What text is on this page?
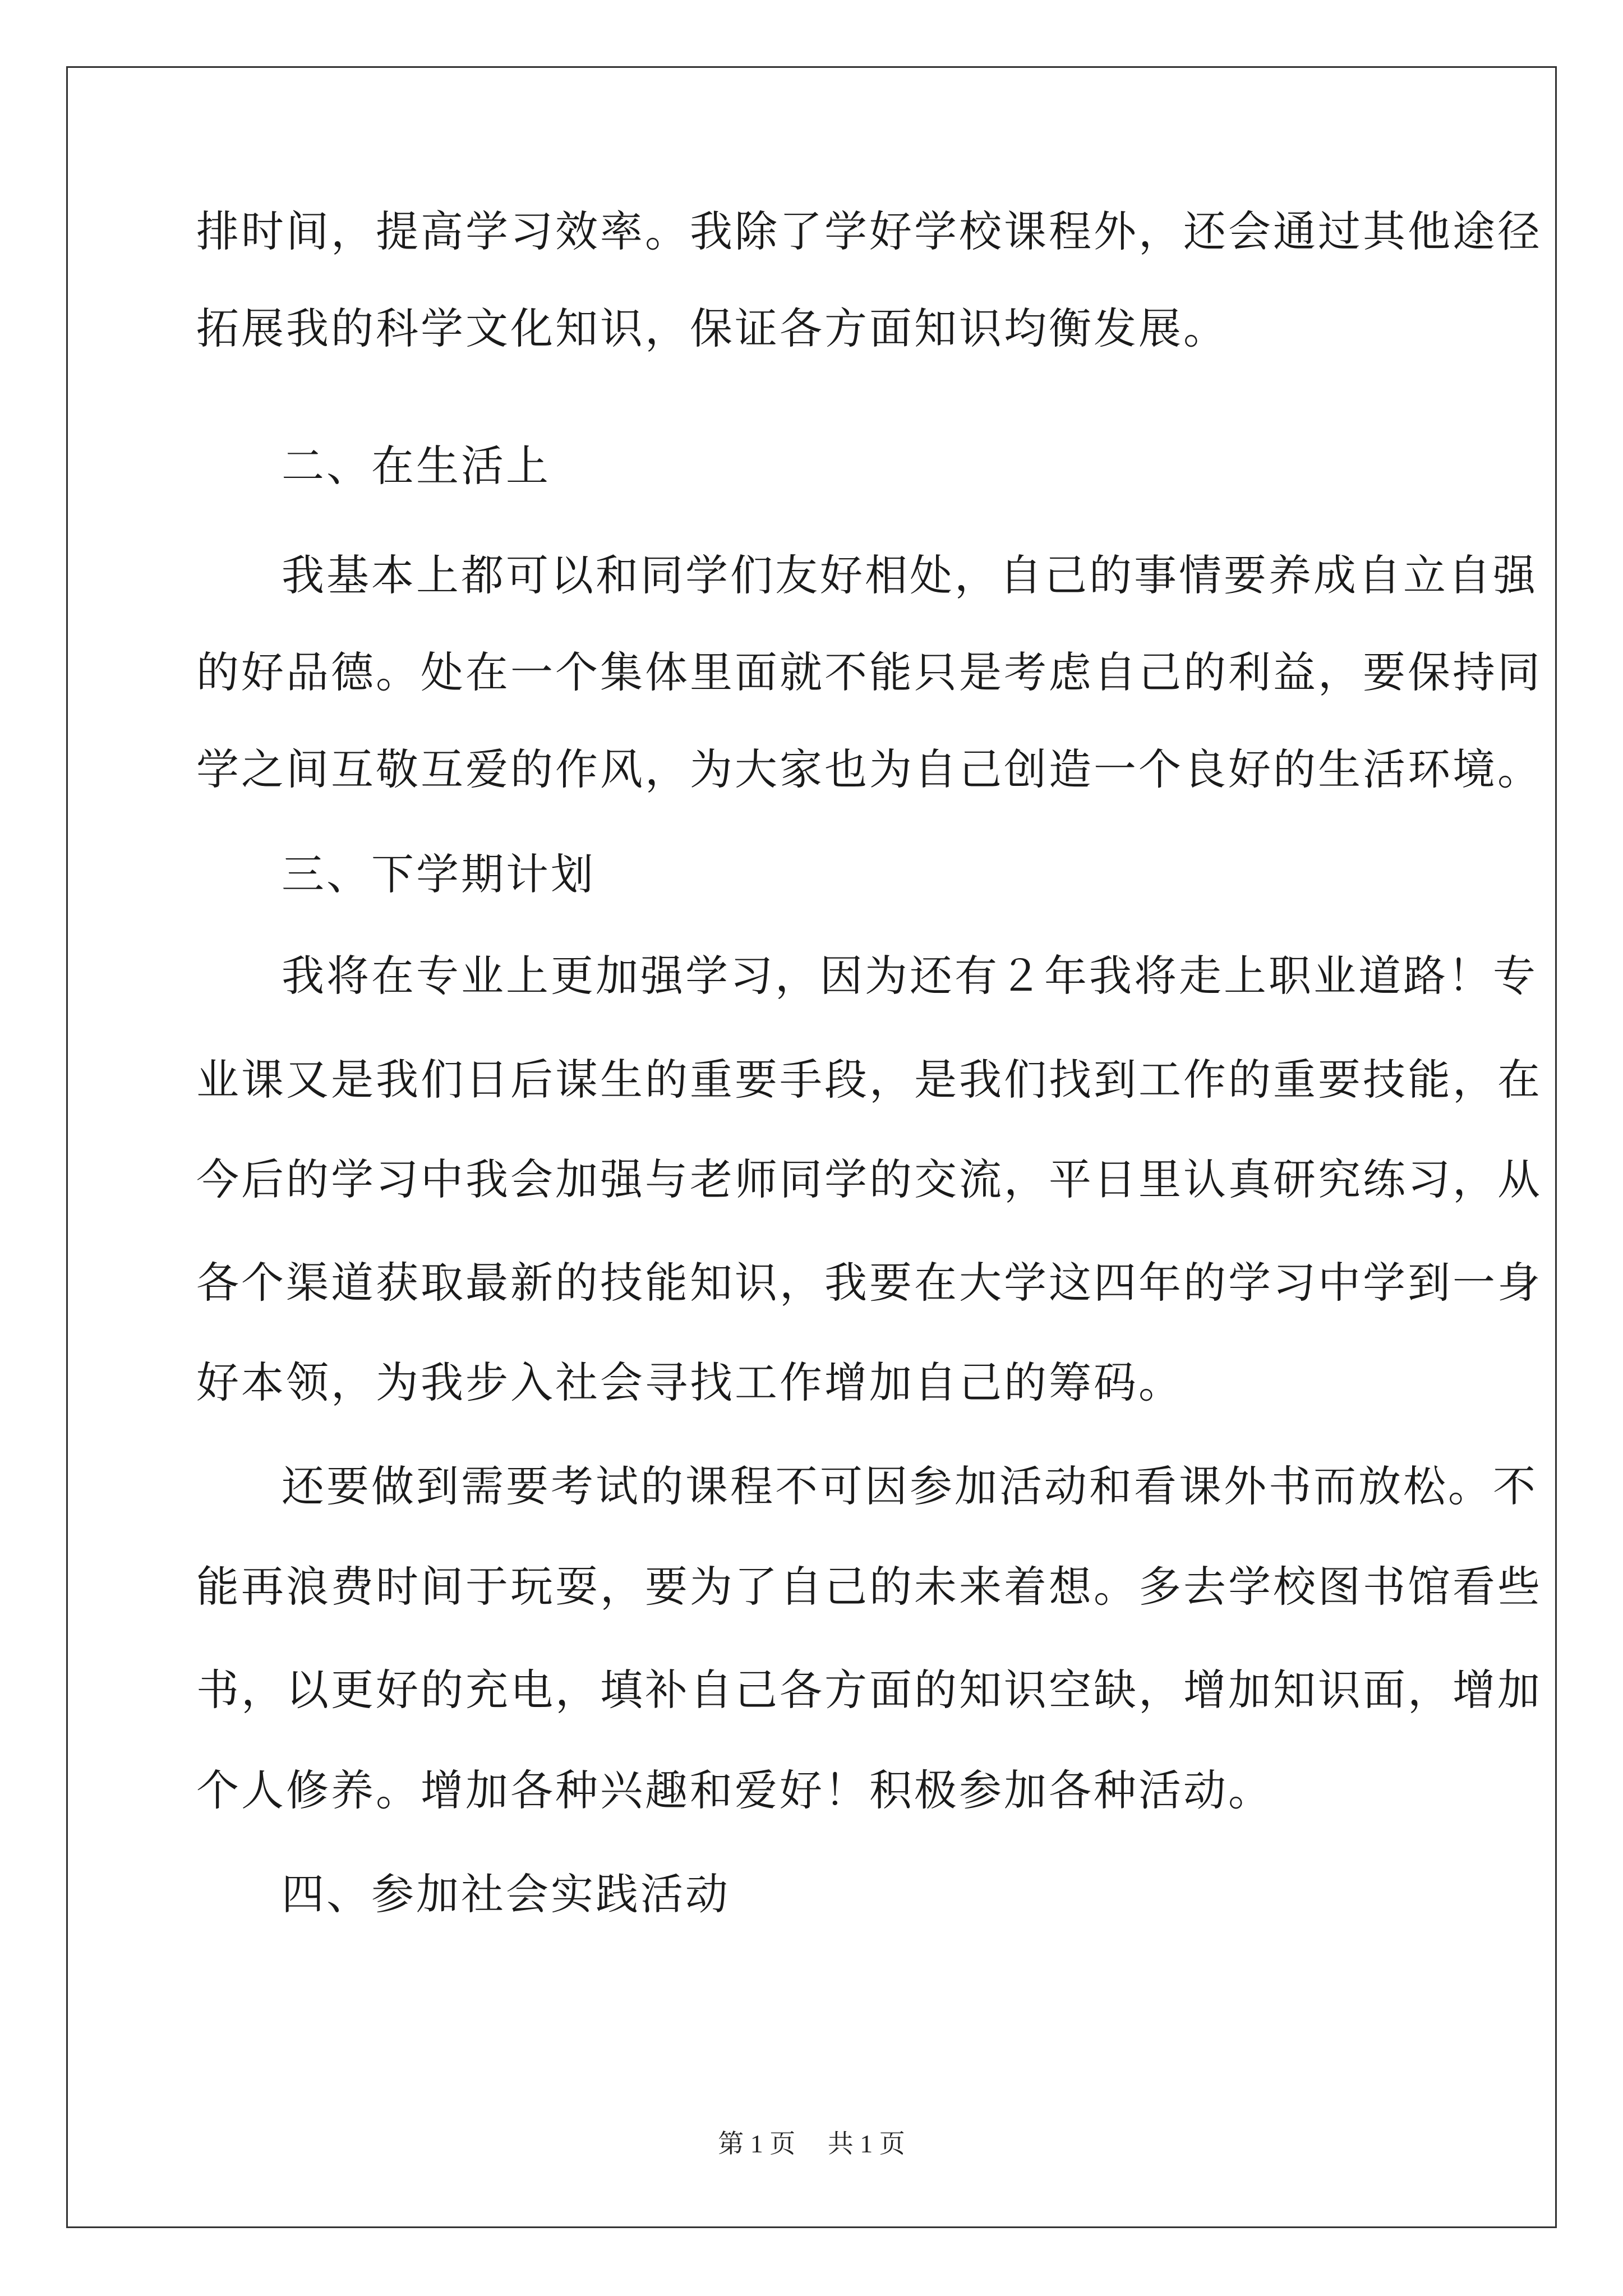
排时间，提高学习效率。我除了学好学校课程外，还会通过其他途径
拓展我的科学文化知识，保证各方面知识均衡发展。
二、在生活上
我基本上都可以和同学们友好相处，自己的事情要养成自立自强
的好品德。处在一个集体里面就不能只是考虑自己的利益，要保持同
学之间互敬互爱的作风，为大家也为自己创造一个良好的生活环境。
三、下学期计划
我将在专业上更加强学习，因为还有２年我将走上职业道路！专
业课又是我们日后谋生的重要手段，是我们找到工作的重要技能，在
今后的学习中我会加强与老师同学的交流，平日里认真研究练习，从
各个渠道获取最新的技能知识，我要在大学这四年的学习中学到一身
好本领，为我步入社会寻找工作增加自己的筹码。
还要做到需要考试的课程不可因参加活动和看课外书而放松。不
能再浪费时间于玩耍，要为了自己的未来着想。多去学校图书馆看些
书，以更好的充电，填补自己各方面的知识空缺，增加知识面，增加
个人修养。增加各种兴趣和爱好！积极参加各种活动。
四、参加社会实践活动
第 1 页　 共 1 页
